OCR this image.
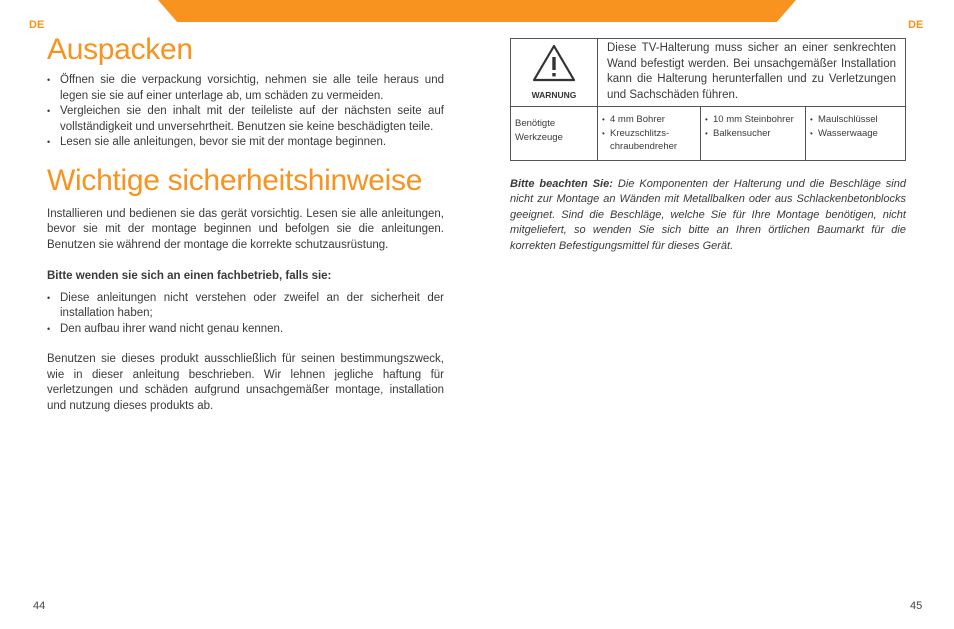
DE	DE
Auspacken
• Öffnen sie die verpackung vorsichtig, nehmen sie alle teile heraus und legen sie sie auf einer unterlage ab, um schäden zu vermeiden.
• Vergleichen sie den inhalt mit der teileliste auf der nächsten seite auf vollständigkeit und unversehrtheit. Benutzen sie keine beschädigten teile.
• Lesen sie alle anleitungen, bevor sie mit der montage beginnen.
Wichtige sicherheitshinweise

Installieren und bedienen sie das gerät vorsichtig. Lesen sie alle anleitungen, bevor sie mit der montage beginnen und befolgen sie die anleitungen. Benutzen sie während der montage die korrekte schutzausrüstung.

Bitte wenden sie sich an einen fachbetrieb, falls sie:

• Diese anleitungen nicht verstehen oder zweifel an der sicherheit der installation haben;
• Den aufbau ihrer wand nicht genau kennen.

Benutzen sie dieses produkt ausschließlich für seinen bestimmungszweck, wie in dieser anleitung beschrieben. Wir lehnen jegliche haftung für verletzungen und schäden aufgrund unsachgemäßer montage, installation und nutzung dieses produkts ab.

WARNUNG
	Diese TV-Halterung muss sicher an einer senkrechten Wand befestigt werden. Bei unsachgemäßer Installation kann die Halterung herunterfallen und zu Verletzungen und Sachschäden führen.
Benötigte Werkzeuge	
• 4 mm Bohrer
• Kreuzschlitzs- chraubendreher

• 10 mm Steinbohrer
• Balkensucher

• Maulschlüssel
• Wasserwaage

Bitte beachten Sie: Die Komponenten der Halterung und die Beschläge sind nicht zur Montage an Wänden mit Metallbalken oder aus Schlackenbetonblocks geeignet. Sind die Beschläge, welche Sie für Ihre Montage benötigen, nicht mitgeliefert, so wenden Sie sich bitte an Ihren örtlichen Baumarkt für die korrekten Befestigungsmittel für dieses Gerät.

44	45
